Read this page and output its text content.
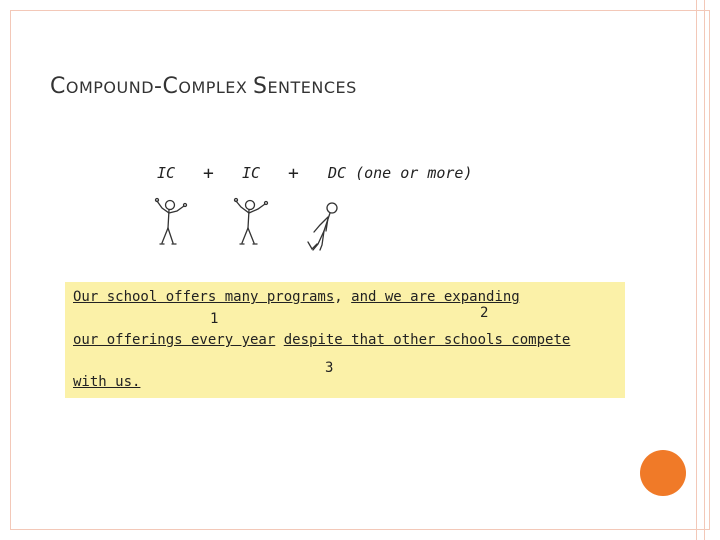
COMPOUND-COMPLEX SENTENCES
IC + IC + DC (one or more)
Our school offers many programs, and we are expanding
1	2
our offerings every year despite that other schools compete
3
with us.
